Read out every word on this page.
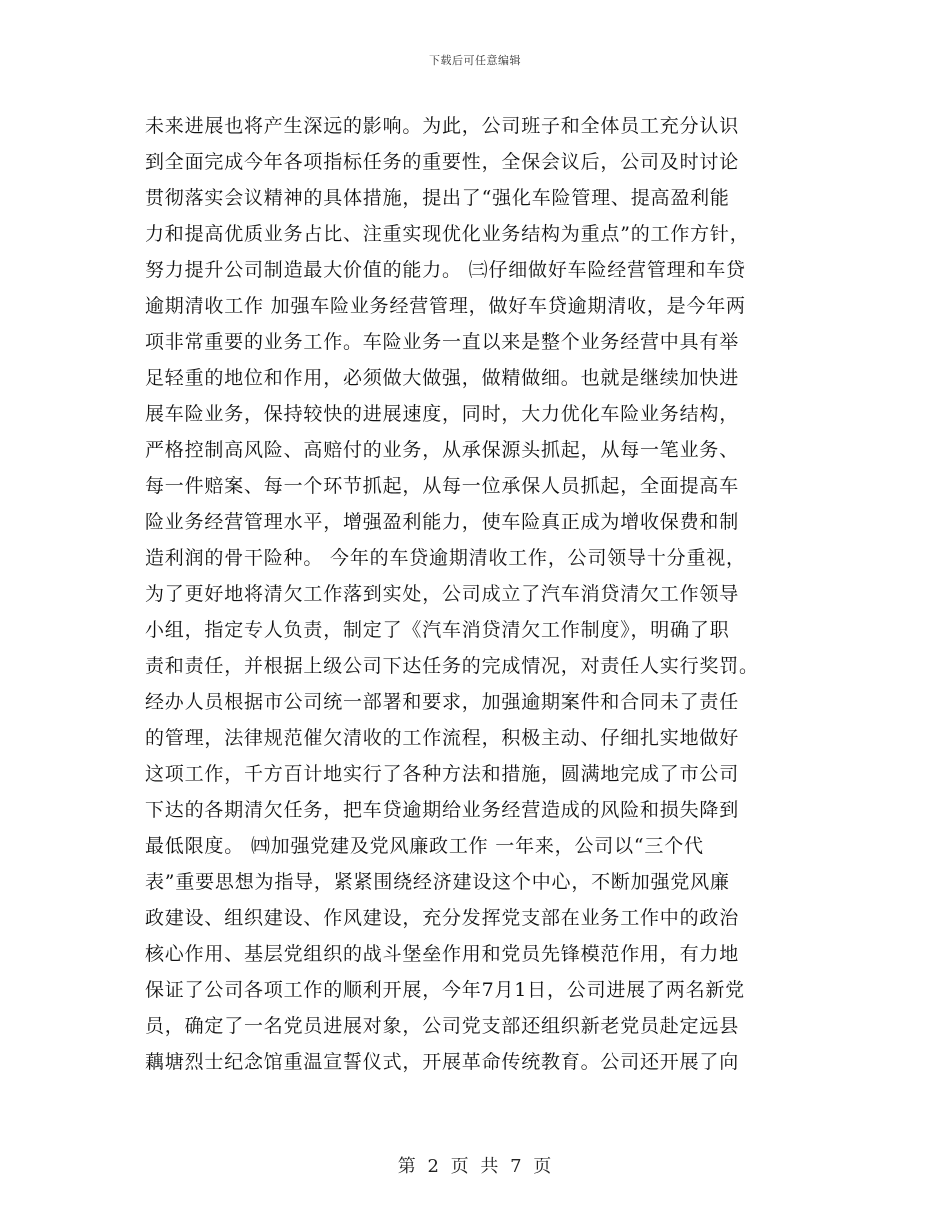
下载后可任意编辑
未来进展也将产生深远的影响。为此，公司班子和全体员工充分认识
到全面完成今年各项指标任务的重要性，全保会议后，公司及时讨论
贯彻落实会议精神的具体措施，提出了“强化车险管理、提高盈利能
力和提高优质业务占比、注重实现优化业务结构为重点”的工作方针，
努力提升公司制造最大价值的能力。 ㈢仔细做好车险经营管理和车贷
逾期清收工作 加强车险业务经营管理，做好车贷逾期清收，是今年两
项非常重要的业务工作。车险业务一直以来是整个业务经营中具有举
足轻重的地位和作用，必须做大做强，做精做细。也就是继续加快进
展车险业务，保持较快的进展速度，同时，大力优化车险业务结构，
严格控制高风险、高赔付的业务，从承保源头抓起，从每一笔业务、
每一件赔案、每一个环节抓起，从每一位承保人员抓起，全面提高车
险业务经营管理水平，增强盈利能力，使车险真正成为增收保费和制
造利润的骨干险种。 今年的车贷逾期清收工作，公司领导十分重视，
为了更好地将清欠工作落到实处，公司成立了汽车消贷清欠工作领导
小组，指定专人负责，制定了《汽车消贷清欠工作制度》，明确了职
责和责任，并根据上级公司下达任务的完成情况，对责任人实行奖罚。
经办人员根据市公司统一部署和要求，加强逾期案件和合同未了责任
的管理，法律规范催欠清收的工作流程，积极主动、仔细扎实地做好
这项工作，千方百计地实行了各种方法和措施，圆满地完成了市公司
下达的各期清欠任务，把车贷逾期给业务经营造成的风险和损失降到
最低限度。 ㈣加强党建及党风廉政工作 一年来，公司以“三个代
表”重要思想为指导，紧紧围绕经济建设这个中心，不断加强党风廉
政建设、组织建设、作风建设，充分发挥党支部在业务工作中的政治
核心作用、基层党组织的战斗堡垒作用和党员先锋模范作用，有力地
保证了公司各项工作的顺利开展，今年7月1日，公司进展了两名新党
员，确定了一名党员进展对象，公司党支部还组织新老党员赴定远县
藕塘烈士纪念馆重温宣誓仪式，开展革命传统教育。公司还开展了向
第 2 页 共 7 页
